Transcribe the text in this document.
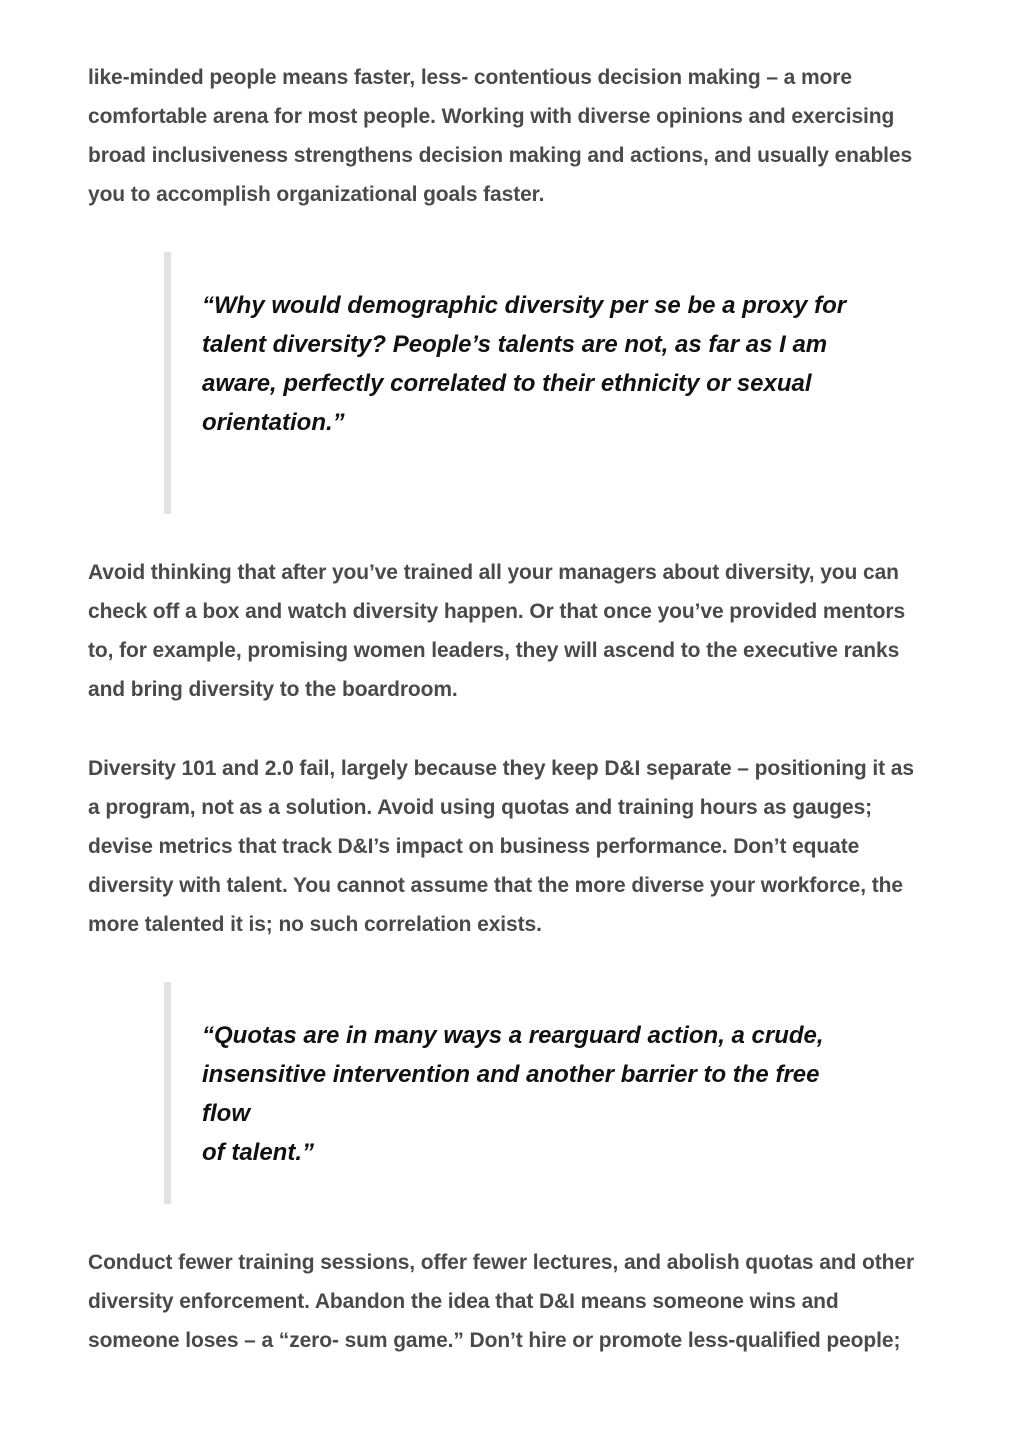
like-minded people means faster, less- contentious decision making – a more
comfortable arena for most people. Working with diverse opinions and exercising
broad inclusiveness strengthens decision making and actions, and usually enables
you to accomplish organizational goals faster.

“Why would demographic diversity per se be a proxy for
talent diversity? People’s talents are not, as far as I am
aware, perfectly correlated to their ethnicity or sexual
orientation.”

Avoid thinking that after you’ve trained all your managers about diversity, you can
check off a box and watch diversity happen. Or that once you’ve provided mentors
to, for example, promising women leaders, they will ascend to the executive ranks
and bring diversity to the boardroom.

Diversity 101 and 2.0 fail, largely because they keep D&I separate – positioning it as
a program, not as a solution. Avoid using quotas and training hours as gauges;
devise metrics that track D&I’s impact on business performance. Don’t equate
diversity with talent. You cannot assume that the more diverse your workforce, the
more talented it is; no such correlation exists.

“Quotas are in many ways a rearguard action, a crude,
insensitive intervention and another barrier to the free flow
of talent.”

Conduct fewer training sessions, offer fewer lectures, and abolish quotas and other
diversity enforcement. Abandon the idea that D&I means someone wins and
someone loses – a “zero- sum game.” Don’t hire or promote less-qualified people;
